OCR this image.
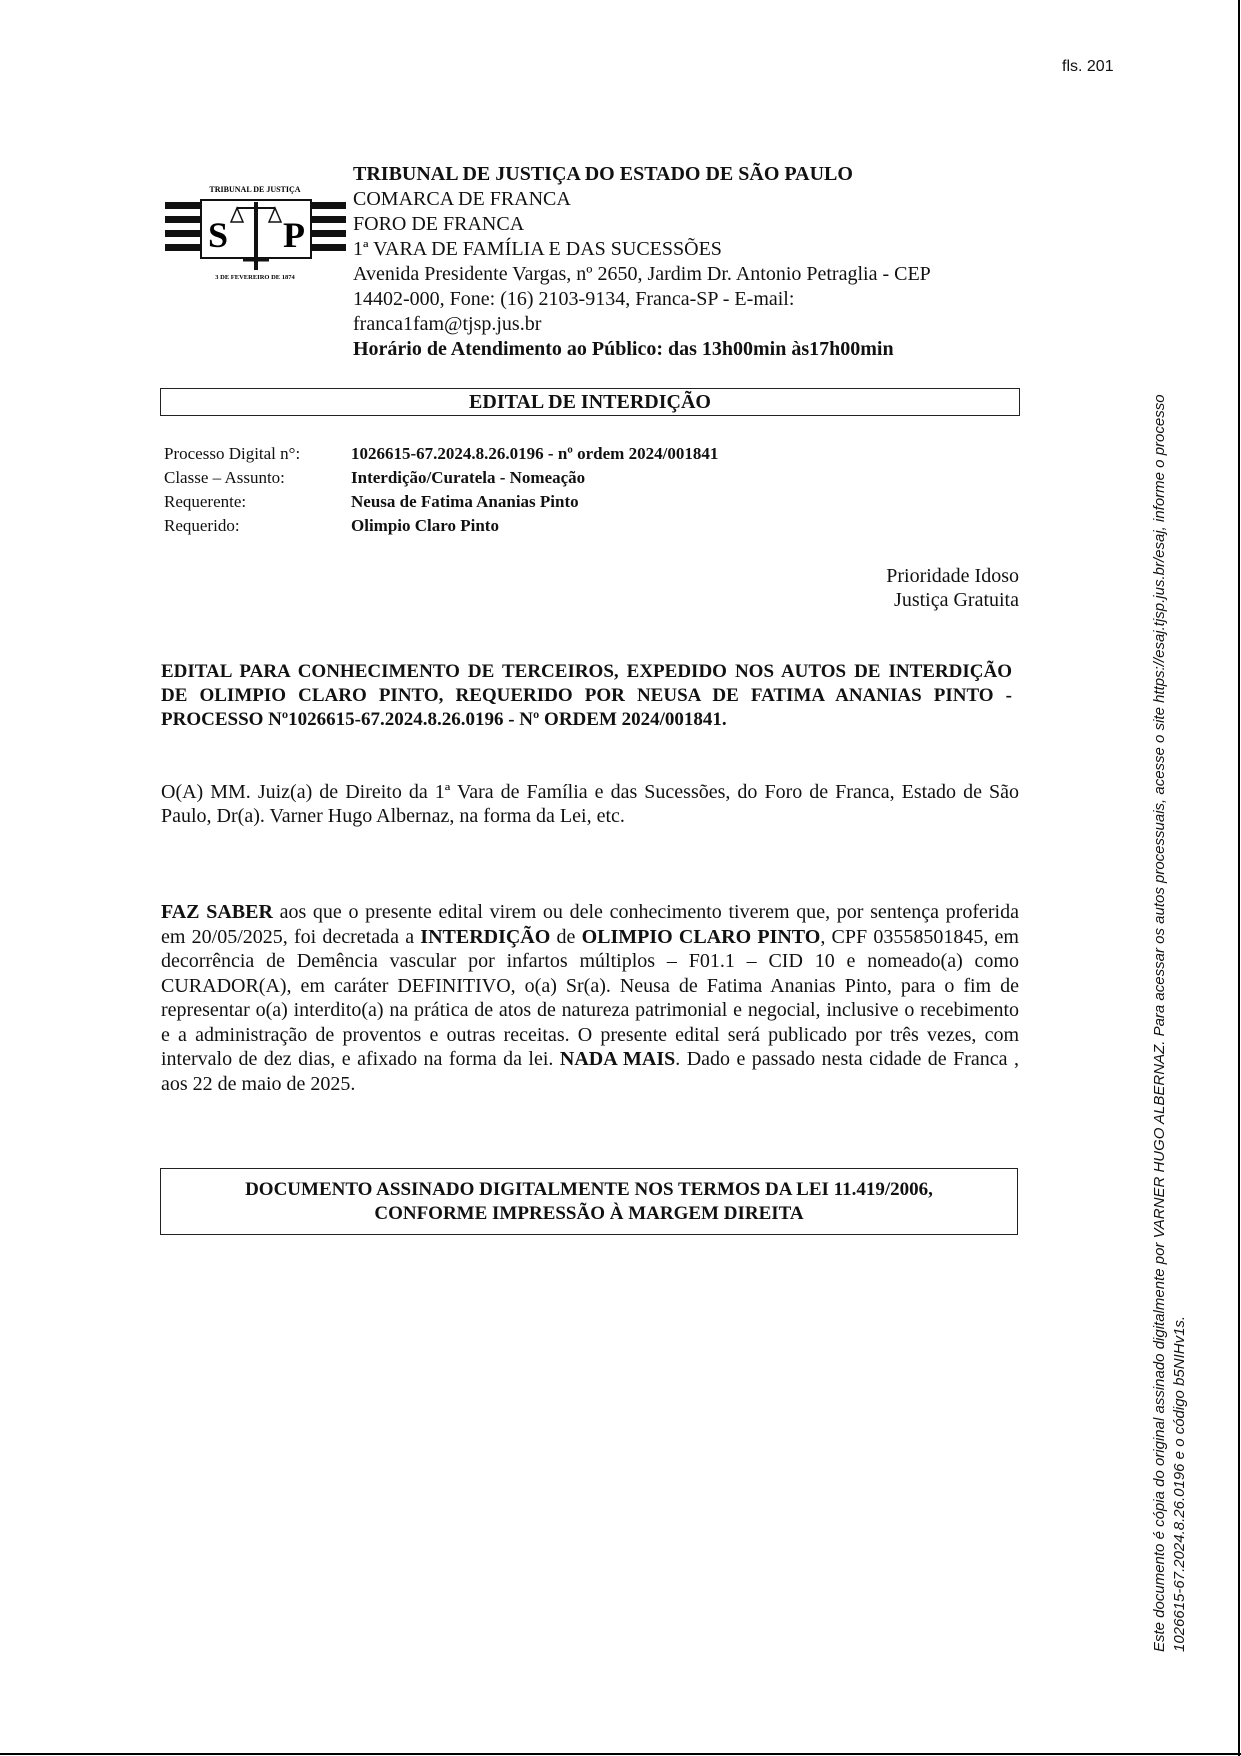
fls. 201
TRIBUNAL DE JUSTIÇA
S P
3 DE FEVEREIRO DE 1874
TRIBUNAL DE JUSTIÇA DO ESTADO DE SÃO PAULO
COMARCA DE FRANCA
FORO DE FRANCA
1ª VARA DE FAMÍLIA E DAS SUCESSÕES
Avenida Presidente Vargas, nº 2650, Jardim Dr. Antonio Petraglia - CEP
14402-000, Fone: (16) 2103-9134, Franca-SP - E-mail:
franca1fam@tjsp.jus.br
Horário de Atendimento ao Público: das 13h00min às17h00min
EDITAL DE INTERDIÇÃO
Processo Digital n°:	1026615-67.2024.8.26.0196 - nº ordem 2024/001841
Classe – Assunto:	Interdição/Curatela - Nomeação
Requerente:	Neusa de Fatima Ananias Pinto
Requerido:	Olimpio Claro Pinto
Prioridade Idoso
Justiça Gratuita
EDITAL PARA CONHECIMENTO DE TERCEIROS, EXPEDIDO NOS AUTOS DE INTERDIÇÃO DE OLIMPIO CLARO PINTO, REQUERIDO POR NEUSA DE FATIMA ANANIAS PINTO - PROCESSO Nº1026615-67.2024.8.26.0196 - Nº ORDEM 2024/001841.
O(A) MM. Juiz(a) de Direito da 1ª Vara de Família e das Sucessões, do Foro de Franca, Estado de São Paulo, Dr(a). Varner Hugo Albernaz, na forma da Lei, etc.
FAZ SABER aos que o presente edital virem ou dele conhecimento tiverem que, por sentença proferida em 20/05/2025, foi decretada a INTERDIÇÃO de OLIMPIO CLARO PINTO, CPF 03558501845, em decorrência de Demência vascular por infartos múltiplos – F01.1 – CID 10 e nomeado(a) como CURADOR(A), em caráter DEFINITIVO, o(a) Sr(a). Neusa de Fatima Ananias Pinto, para o fim de representar o(a) interdito(a) na prática de atos de natureza patrimonial e negocial, inclusive o recebimento e a administração de proventos e outras receitas. O presente edital será publicado por três vezes, com intervalo de dez dias, e afixado na forma da lei. NADA MAIS. Dado e passado nesta cidade de Franca , aos 22 de maio de 2025.
DOCUMENTO ASSINADO DIGITALMENTE NOS TERMOS DA LEI 11.419/2006,
CONFORME IMPRESSÃO À MARGEM DIREITA	Este documento é cópia do original assinado digitalmente por VARNER HUGO ALBERNAZ. Para acessar os autos processuais, acesse o site https://esaj.tjsp.jus.br/esaj, informe o processo 1026615-67.2024.8.26.0196 e o código b5NIHv1s.
